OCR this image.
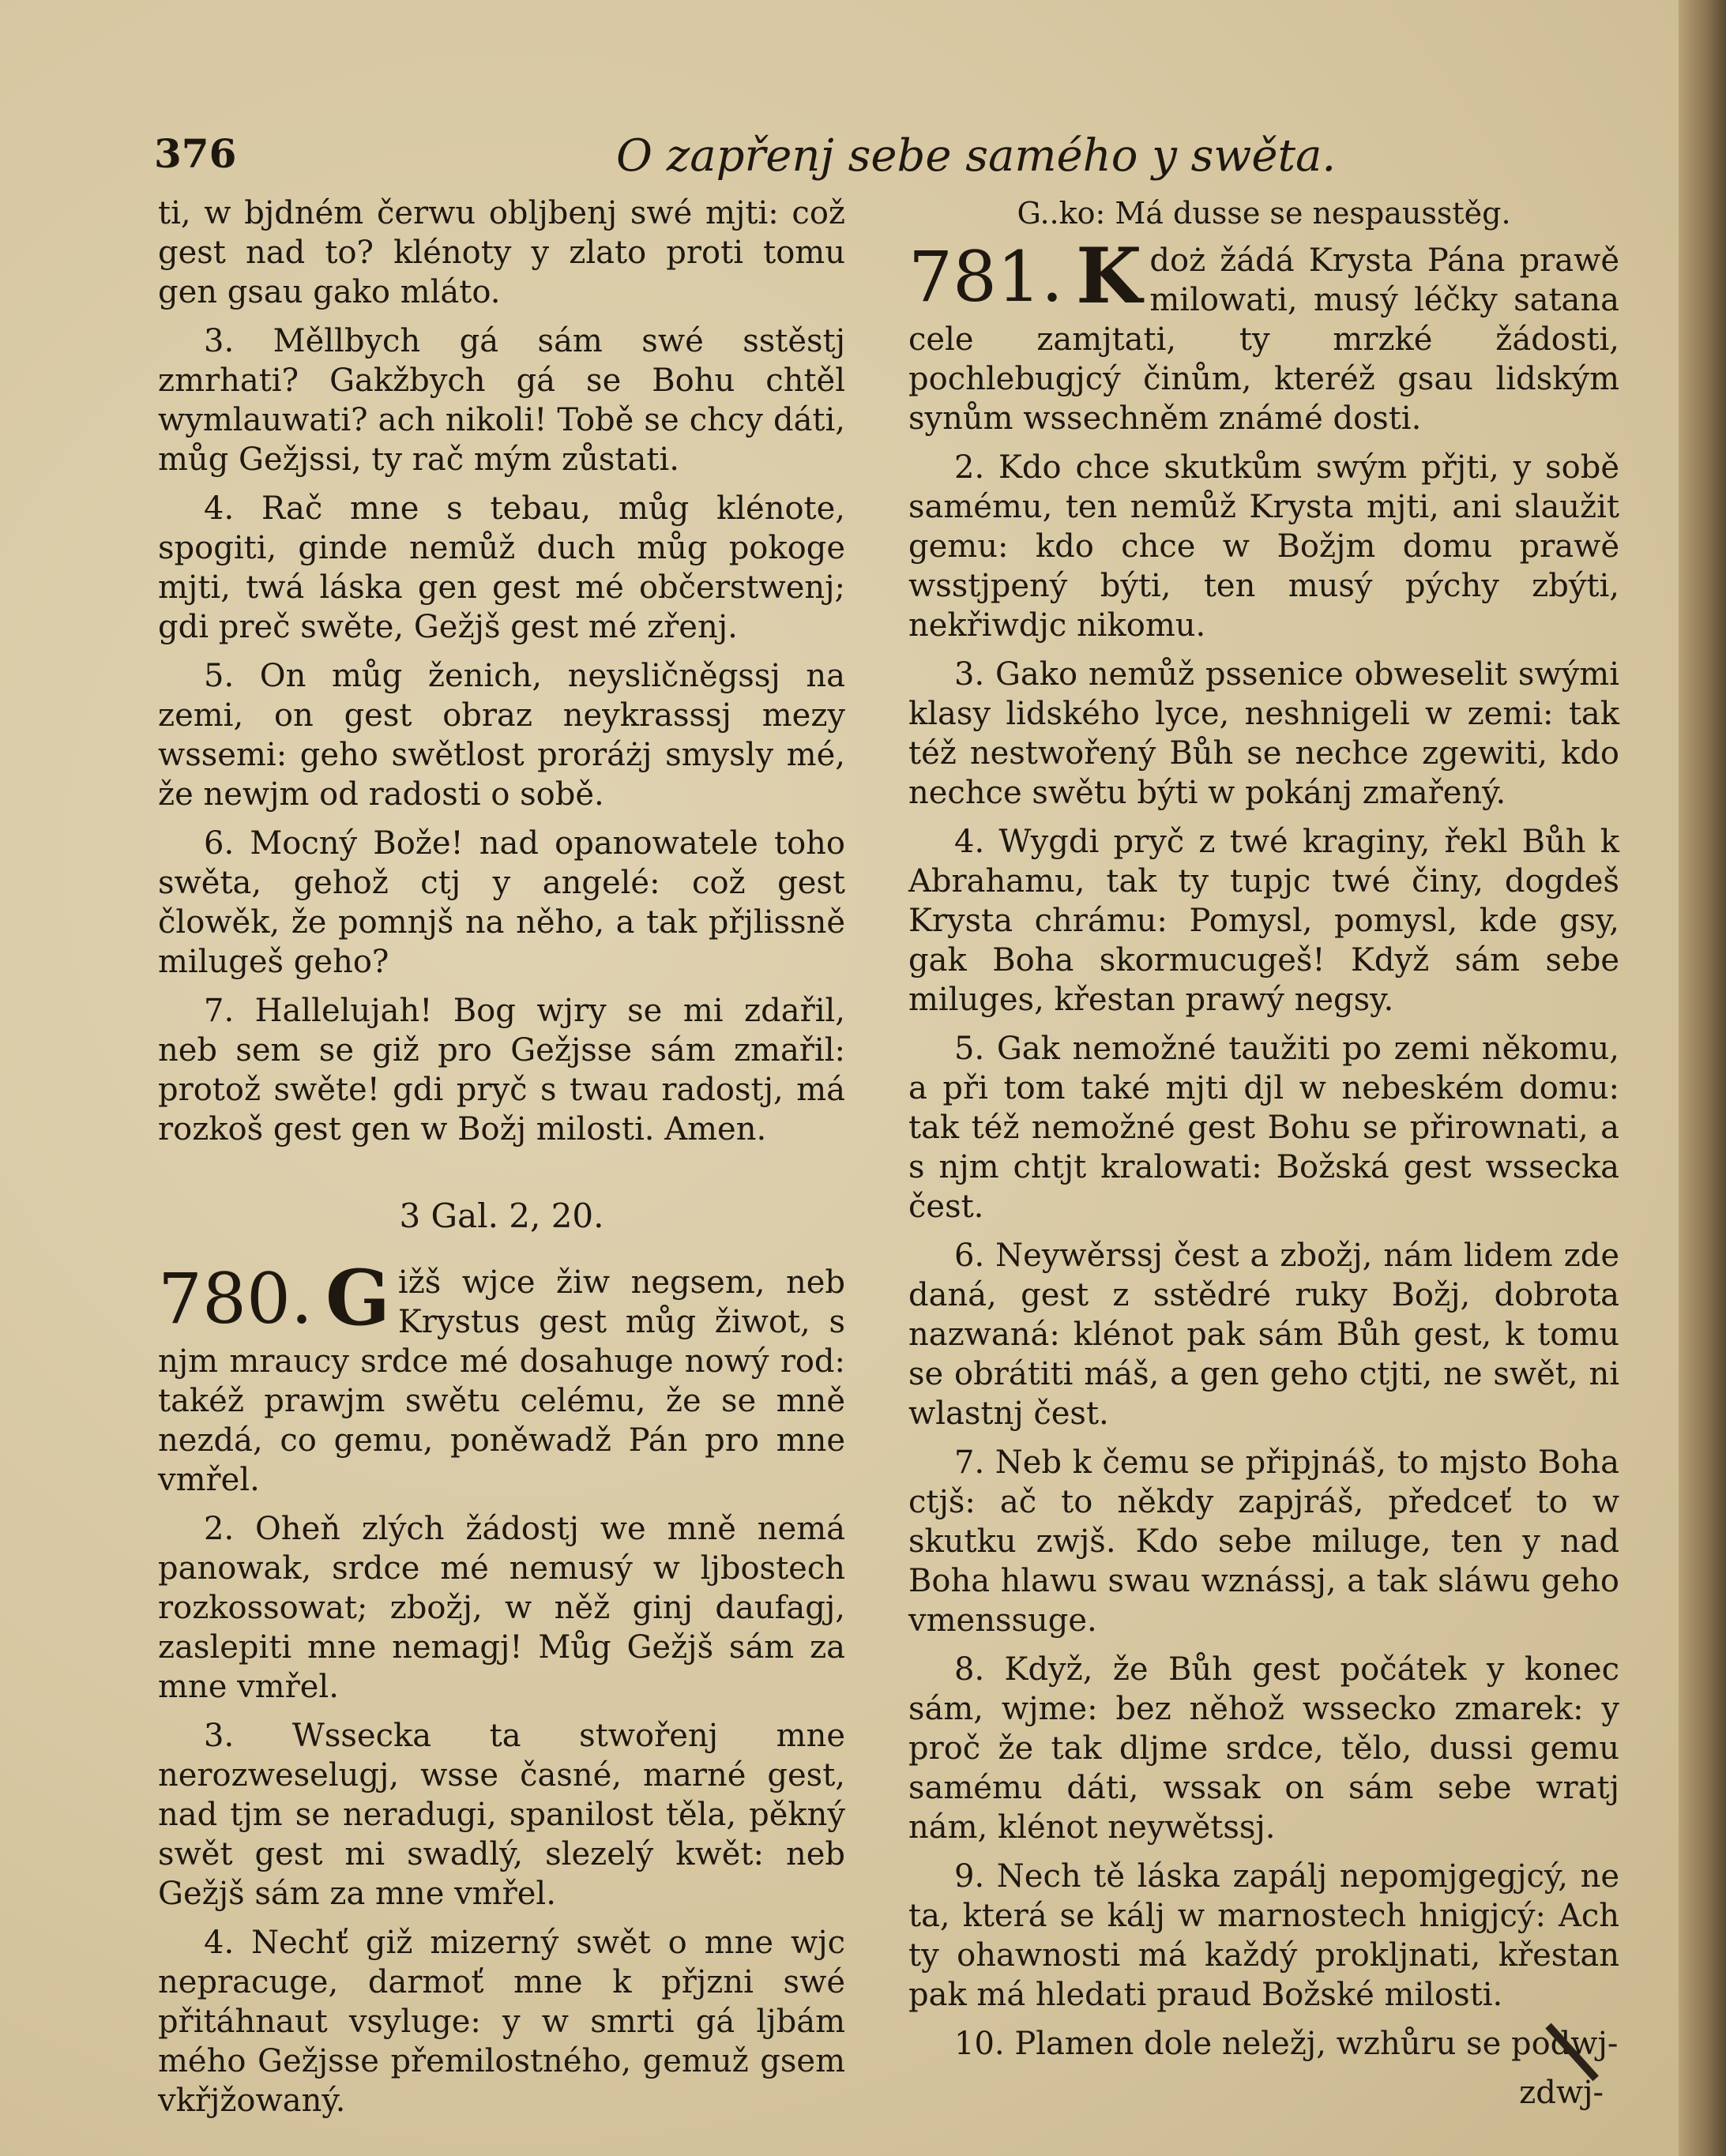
376	O zapřenj sebe samého y swěta.

ti, w bjdném čerwu obljbenj swé mjti: což gest nad to? klénoty y zlato proti tomu gen gsau gako mláto.

3. Měllbych gá sám swé sstěstj zmrhati? Gakžbych gá se Bohu chtěl wymlauwati? ach nikoli! Tobě se chcy dáti, můg Gežjssi, ty rač mým zůstati.

4. Rač mne s tebau, můg klénote, spogiti, ginde nemůž duch můg pokoge mjti, twá láska gen gest mé občerstwenj; gdi preč swěte, Gežjš gest mé zřenj.

5. On můg ženich, neysličněgssj na zemi, on gest obraz neykrasssj mezy wssemi: geho swětlost proráżj smysly mé, že newjm od radosti o sobě.

6. Mocný Bože! nad opanowatele toho swěta, gehož ctj y angelé: což gest člowěk, že pomnjš na něho, a tak přjlissně milugeš geho?

7. Hallelujah! Bog wjry se mi zdařil, neb sem se giž pro Gežjsse sám zmařil: protož swěte! gdi pryč s twau radostj, má rozkoš gest gen w Božj milosti. Amen.

3 Gal. 2, 20.
780. G ižš wjce žiw negsem, neb Krystus gest můg žiwot, s njm mraucy srdce mé dosahuge nowý rod: takéž prawjm swětu celému, že se mně nezdá, co gemu, poněwadž Pán pro mne vmřel.

2. Oheň zlých žádostj we mně nemá panowak, srdce mé nemusý w ljbostech rozkossowat; zbožj, w něž ginj daufagj, zaslepiti mne nemagj! Můg Gežjš sám za mne vmřel.

3. Wssecka ta stwořenj mne nerozweselugj, wsse časné, marné gest, nad tjm se neradugi, spanilost těla, pěkný swět gest mi swadlý, slezelý kwět: neb Gežjš sám za mne vmřel.

4. Nechť giž mizerný swět o mne wjc nepracuge, darmoť mne k přjzni swé přitáhnaut vsyluge: y w smrti gá ljbám mého Gežjsse přemilostného, gemuž gsem vkřjžowaný.

G..ko: Má dusse se nespausstěg.
781. K doż žádá Krysta Pána prawě milowati, musý léčky satana cele zamjtati, ty mrzké žádosti, pochlebugjcý činům, kteréž gsau lidským synům wssechněm známé dosti.

2. Kdo chce skutkům swým přjti, y sobě samému, ten nemůž Krysta mjti, ani slaužit gemu: kdo chce w Božjm domu prawě wsstjpený býti, ten musý pýchy zbýti, nekřiwdjc nikomu.

3. Gako nemůž pssenice obweselit swými klasy lidského lyce, neshnigeli w zemi: tak též nestwořený Bůh se nechce zgewiti, kdo nechce swětu býti w pokánj zmařený.

4. Wygdi pryč z twé kraginy, řekl Bůh k Abrahamu, tak ty tupjc twé činy, dogdeš Krysta chrámu: Pomysl, pomysl, kde gsy, gak Boha skormucugeš! Když sám sebe miluges, křestan prawý negsy.

5. Gak nemožné taužiti po zemi někomu, a při tom také mjti djl w nebeském domu: tak též nemožné gest Bohu se přirownati, a s njm chtjt kralowati: Božská gest wssecka čest.

6. Neywěrssj čest a zbožj, nám lidem zde daná, gest z sstědré ruky Božj, dobrota nazwaná: klénot pak sám Bůh gest, k tomu se obrátiti máš, a gen geho ctjti, ne swět, ni wlastnj čest.

7. Neb k čemu se připjnáš, to mjsto Boha ctjš: ač to někdy zapjráš, předceť to w skutku zwjš. Kdo sebe miluge, ten y nad Boha hlawu swau wznássj, a tak sláwu geho vmenssuge.

8. Když, že Bůh gest počátek y konec sám, wjme: bez něhož wssecko zmarek: y proč že tak dljme srdce, tělo, dussi gemu samému dáti, wssak on sám sebe wratj nám, klénot neywětssj.

9. Nech tě láska zapálj nepomjgegjcý, ne ta, která se kálj w marnostech hnigjcý: Ach ty ohawnosti má každý prokljnati, křestan pak má hledati praud Božské milosti.

10. Plamen dole neležj, wzhůru se podwj-

zdwj-
